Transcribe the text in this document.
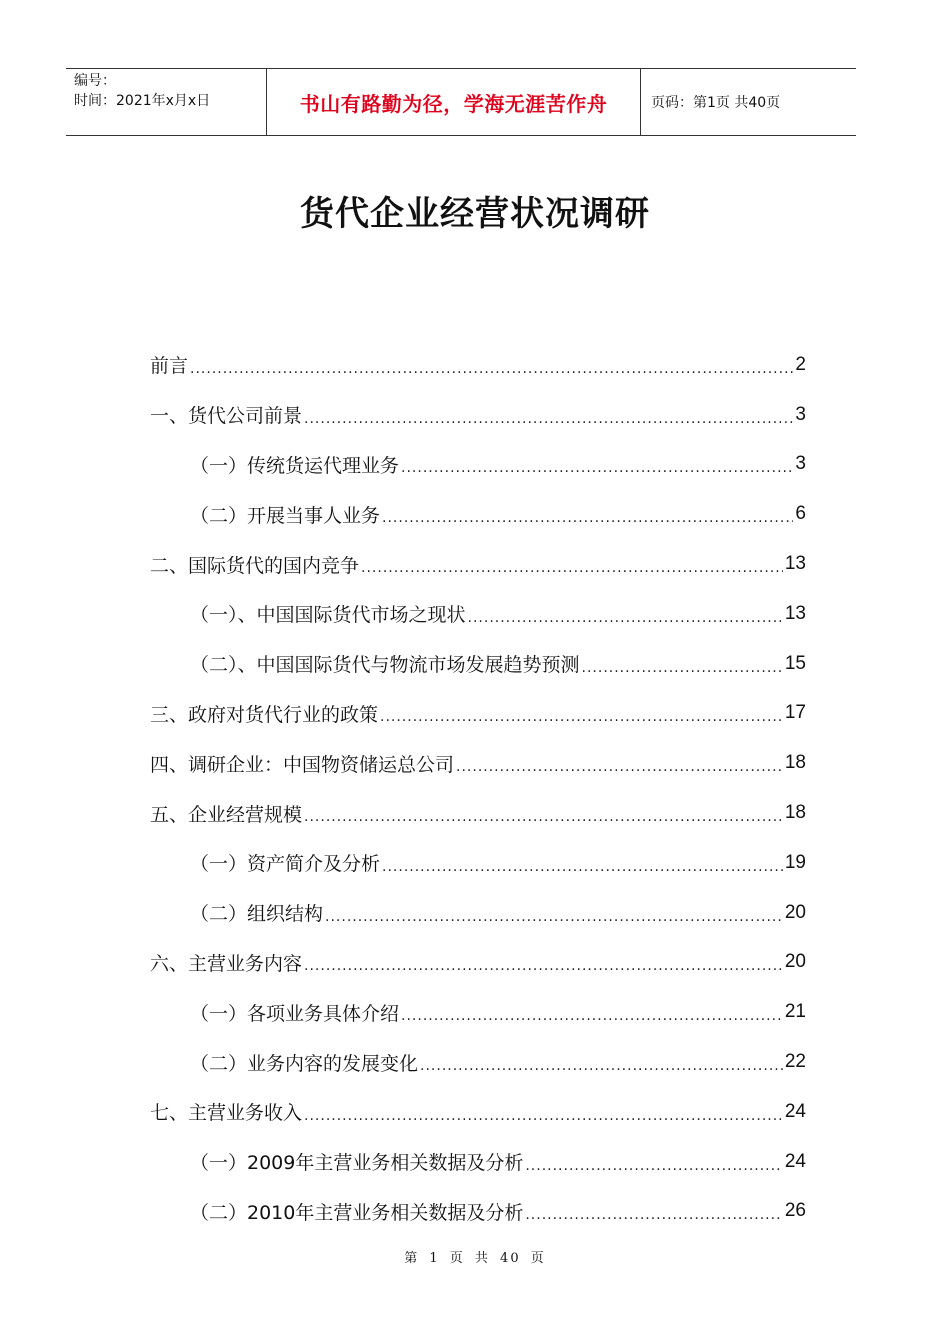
编号：
时间：2021年x月x日	书山有路勤为径，学海无涯苦作舟	页码：第1页 共40页
货代企业经营状况调研
前言 .....	2
一、货代公司前景 .....	3
（一）传统货运代理业务 .....	3
（二）开展当事人业务 .....	6
二、国际货代的国内竞争 .....	13
（一）、中国国际货代市场之现状 .....	13
（二）、中国国际货代与物流市场发展趋势预测 .....	15
三、政府对货代行业的政策 .....	17
四、调研企业：中国物资储运总公司 .....	18
五、企业经营规模 .....	18
（一）资产简介及分析 .....	19
（二）组织结构 .....	20
六、主营业务内容 .....	20
（一）各项业务具体介绍 .....	21
（二）业务内容的发展变化 .....	22
七、主营业务收入 .....	24
（一）2009年主营业务相关数据及分析 .....	24
（二）2010年主营业务相关数据及分析 .....	26
第 1 页 共 40 页
